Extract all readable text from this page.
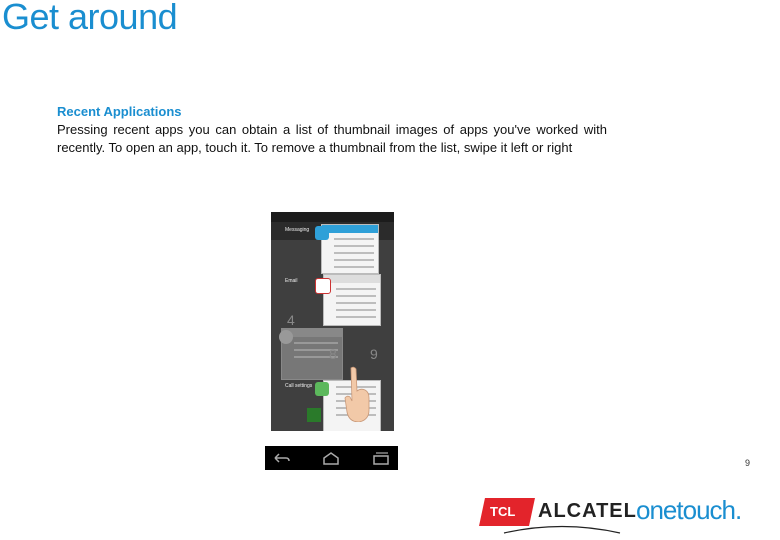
Get around
Recent Applications
Pressing recent apps you can obtain a list of thumbnail images of apps you've worked with recently. To open an app, touch it. To remove a thumbnail from the list, swipe it left or right
Messaging
Email
4
8 9
Call settings
9
TCL ALCATEL onetouch.
